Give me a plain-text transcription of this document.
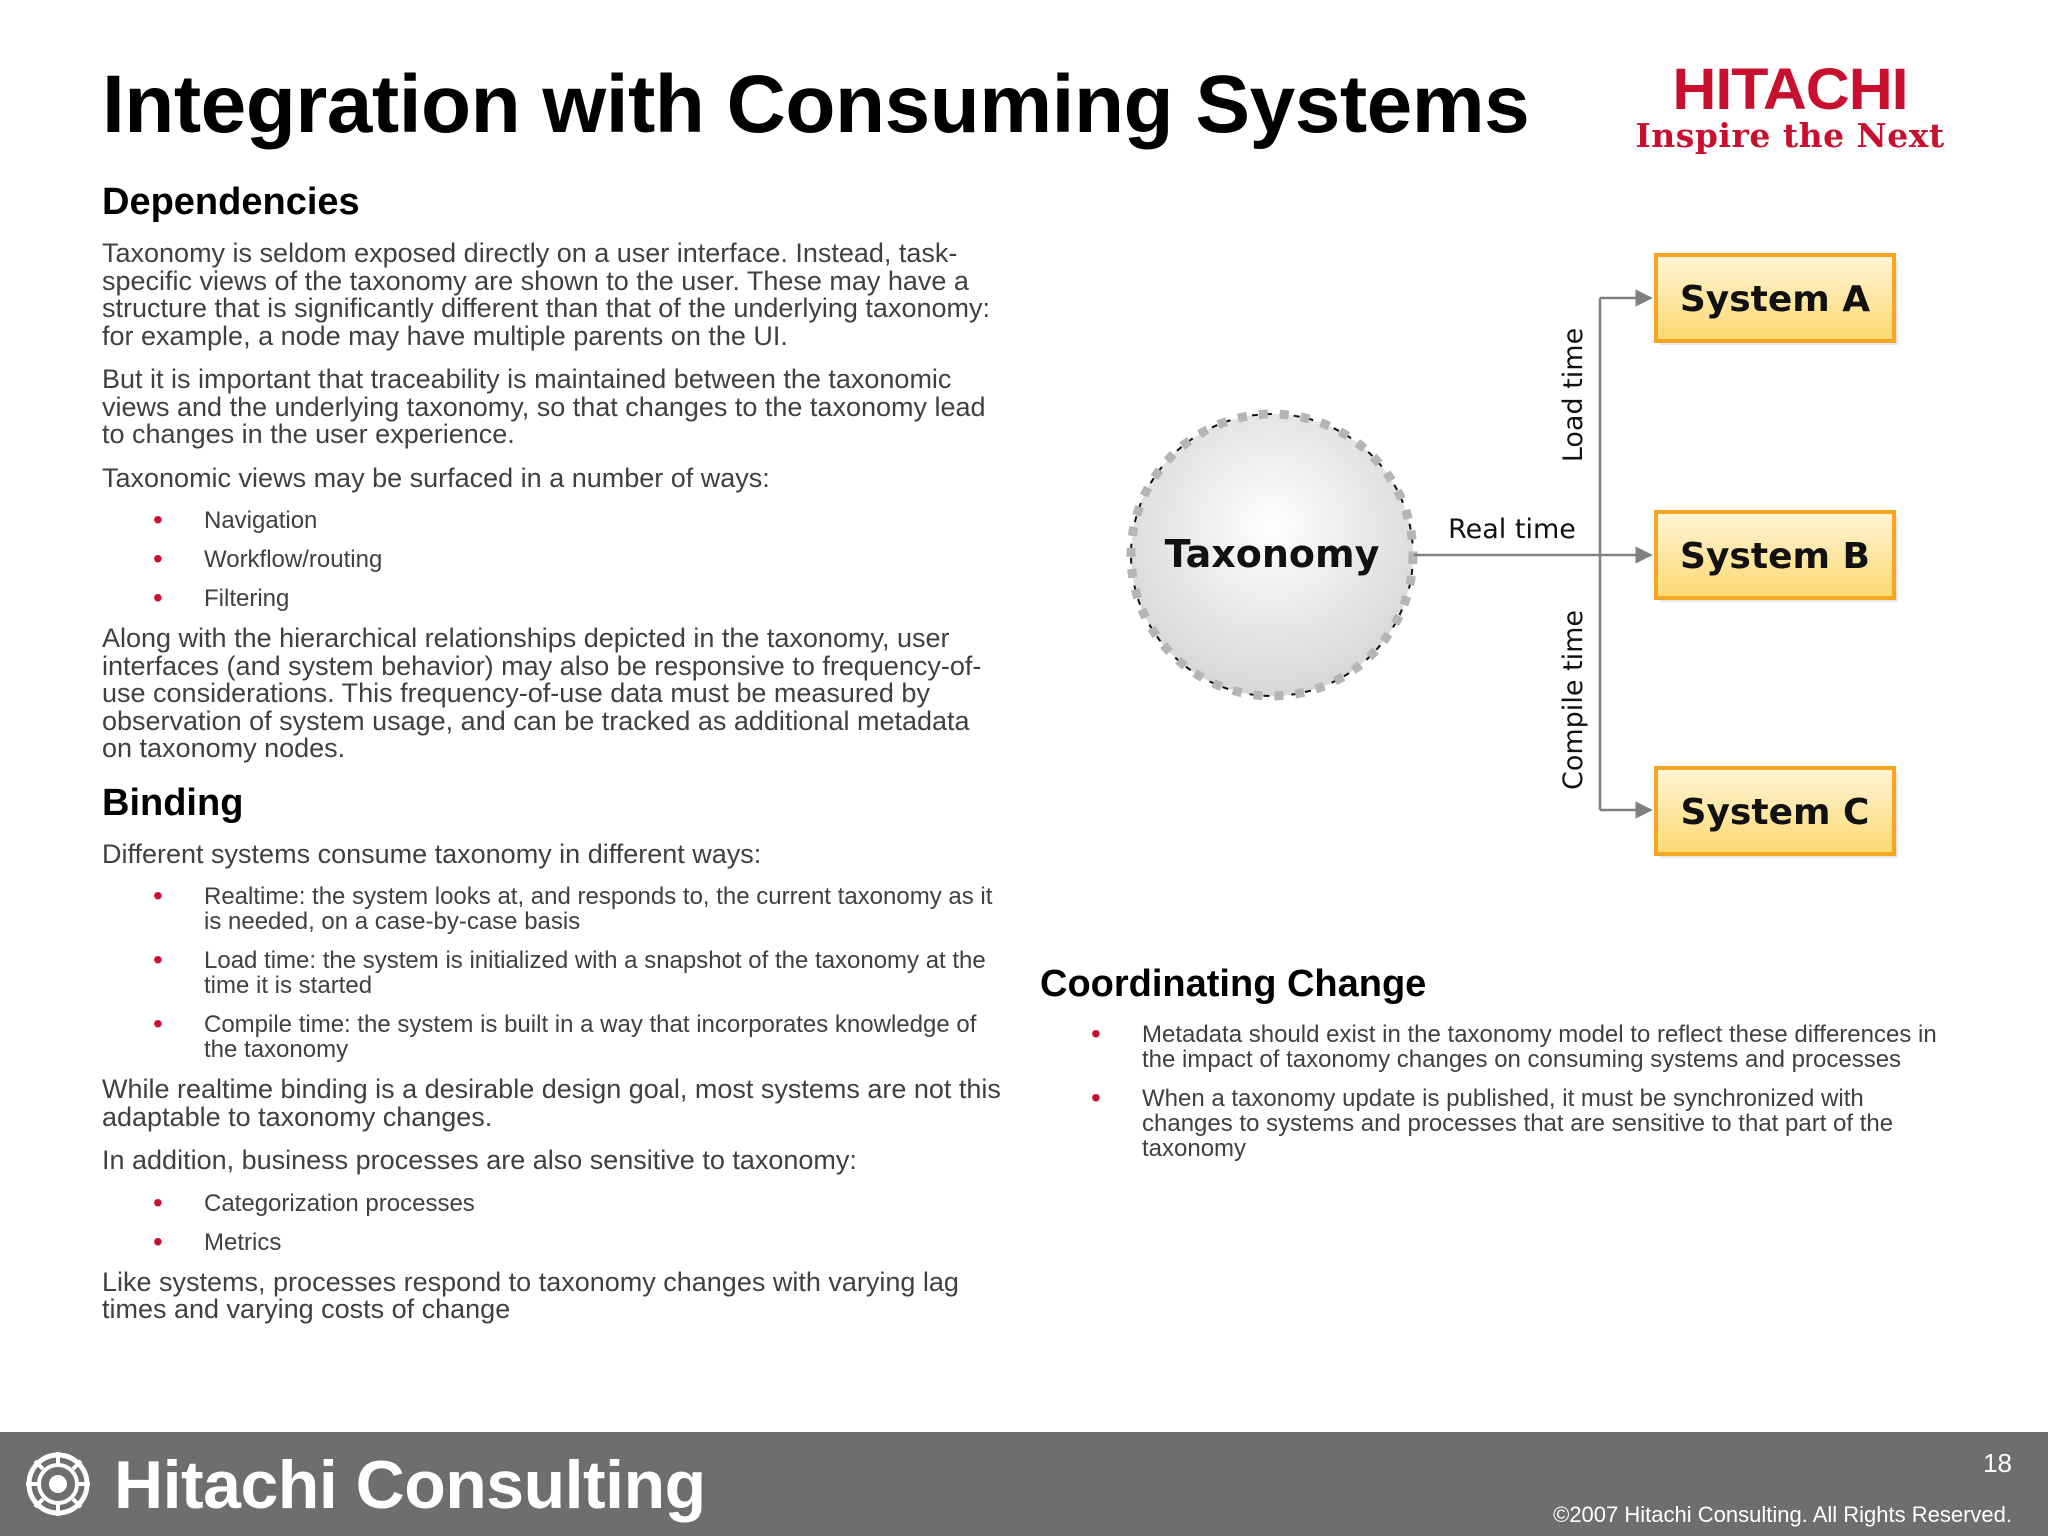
Integration with Consuming Systems	HITACHI
Inspire the Next
Dependencies

Taxonomy is seldom exposed directly on a user interface. Instead, task-specific views of the taxonomy are shown to the user. These may have a structure that is significantly different than that of the underlying taxonomy: for example, a node may have multiple parents on the UI.

But it is important that traceability is maintained between the taxonomic views and the underlying taxonomy, so that changes to the taxonomy lead to changes in the user experience.

Taxonomic views may be surfaced in a number of ways:

• Navigation
• Workflow/routing
• Filtering

Along with the hierarchical relationships depicted in the taxonomy, user interfaces (and system behavior) may also be responsive to frequency-of-use considerations. This frequency-of-use data must be measured by observation of system usage, and can be tracked as additional metadata on taxonomy nodes.

Binding

Different systems consume taxonomy in different ways:

• Realtime: the system looks at, and responds to, the current taxonomy as it is needed, on a case-by-case basis
• Load time: the system is initialized with a snapshot of the taxonomy at the time it is started
• Compile time: the system is built in a way that incorporates knowledge of the taxonomy

While realtime binding is a desirable design goal, most systems are not this adaptable to taxonomy changes.

In addition, business processes are also sensitive to taxonomy:

• Categorization processes
• Metrics

Like systems, processes respond to taxonomy changes with varying lag times and varying costs of change

Taxonomy
Real time
Load time
Compile time
System A
System B
System C
Coordinating Change
• Metadata should exist in the taxonomy model to reflect these differences in the impact of taxonomy changes on consuming systems and processes
• When a taxonomy update is published, it must be synchronized with changes to systems and processes that are sensitive to that part of the taxonomy
Hitachi Consulting	18
©2007 Hitachi Consulting. All Rights Reserved.
